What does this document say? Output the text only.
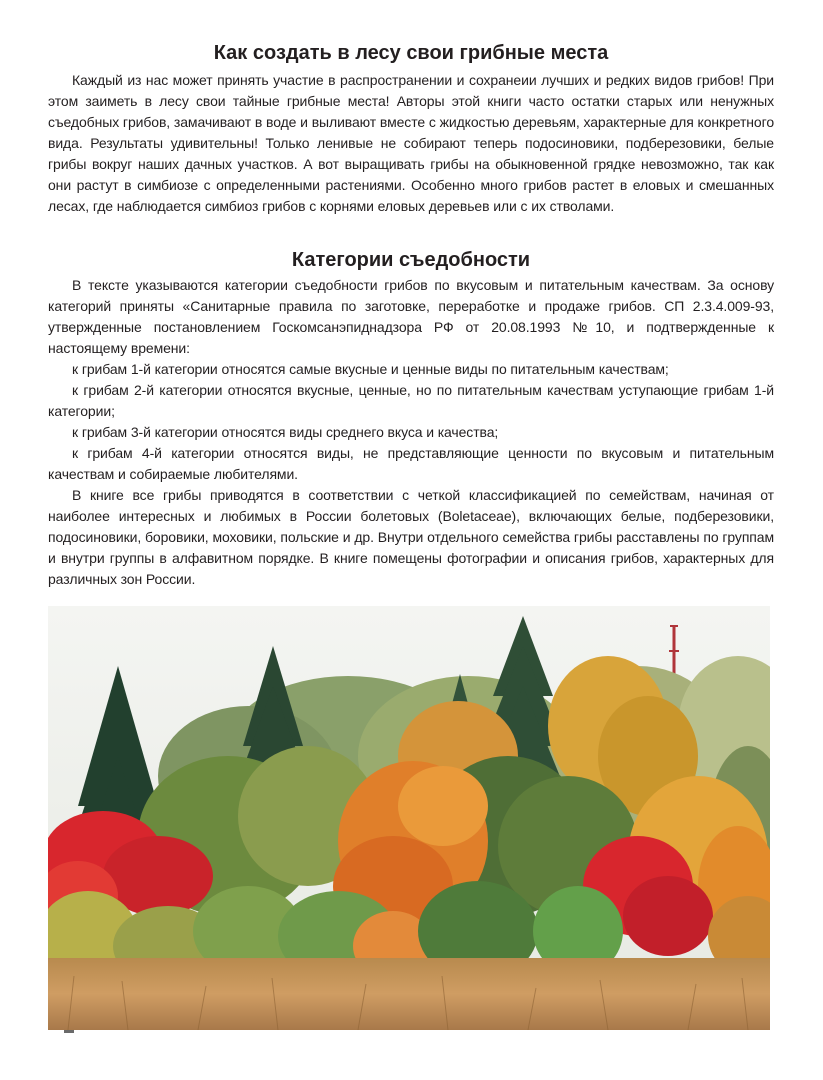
Как создать в лесу свои грибные места

Каждый из нас может принять участие в распространении и сохранеии лучших и редких видов грибов! При этом заиметь в лесу свои тайные грибные места! Авторы этой книги часто остатки старых или ненужных съедобных грибов, замачивают в воде и выливают вместе с жидкостью деревьям, характерные для конкретного вида. Результаты удивительны! Только ленивые не собирают теперь подосиновики, подберезовики, белые грибы вокруг наших дачных участков. А вот выращивать грибы на обыкновенной грядке невозможно, так как они растут в симбиозе с определенными растениями. Особенно много грибов растет в еловых и смешанных лесах, где наблюдается симбиоз грибов с корнями еловых деревьев или с их стволами.

Категории съедобности

В тексте указываются категории съедобности грибов по вкусовым и питательным качествам. За основу категорий приняты «Санитарные правила по заготовке, переработке и продаже грибов. СП 2.3.4.009-93, утвержденные постановлением Госкомсанэпиднадзора РФ от 20.08.1993 №10, и подтвержденные к настоящему времени:

к грибам 1-й категории относятся самые вкусные и ценные виды по питательным качествам;

к грибам 2-й категории относятся вкусные, ценные, но по питательным качествам уступающие грибам 1-й категории;

к грибам 3-й категории относятся виды среднего вкуса и качества;

к грибам 4-й категории относятся виды, не представляющие ценности по вкусовым и питательным качествам и собираемые любителями.

В книге все грибы приводятся в соответствии с четкой классификацией по семействам, начиная от наиболее интересных и любимых в России болетовых (Boletaceae), включающих белые, подберезовики, подосиновики, боровики, моховики, польские и др. Внутри отдельного семейства грибы расставлены по группам и внутри группы в алфавитном порядке. В книге помещены фотографии и описания грибов, характерных для различных зон России.
